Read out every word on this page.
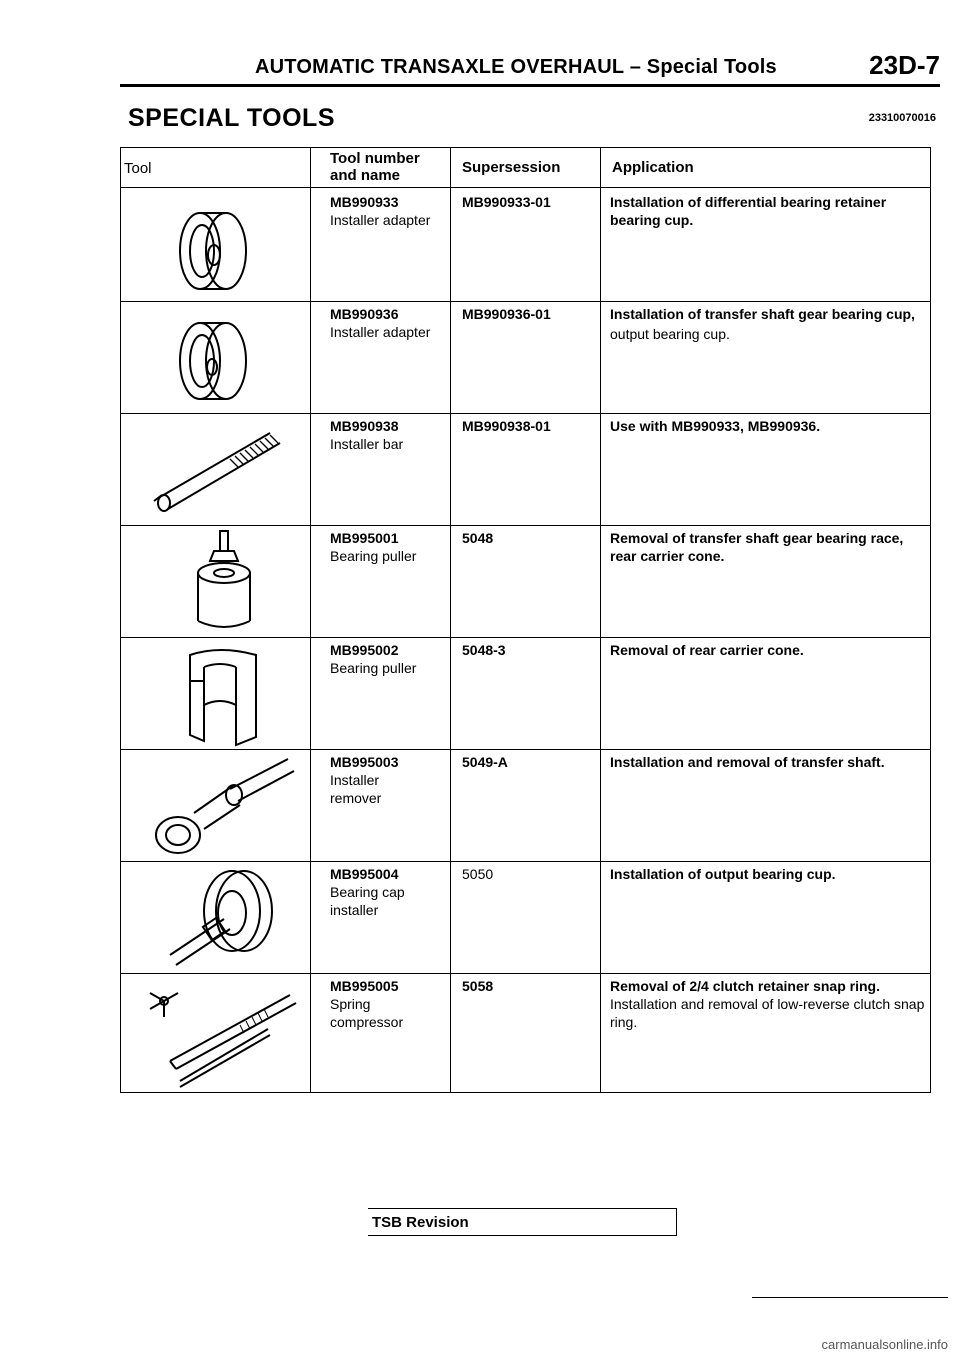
AUTOMATIC TRANSAXLE OVERHAUL – Special Tools	23D-7
SPECIAL TOOLS	23310070016
Tool
Tool number and name	Supersession	Application
MB990933
Installer adapter
MB990933-01	Installation of differential bearing retainer bearing cup.
MB990936
Installer adapter
MB990936-01	Installation of transfer shaft gear bearing cup,
output bearing cup.
MB990938
Installer bar
MB990938-01	Use with MB990933, MB990936.
MB995001
Bearing puller
5048	Removal of transfer shaft gear bearing race, rear carrier cone.
MB995002
Bearing puller
5048-3	Removal of rear carrier cone.
MB995003
Installer remover
5049-A	Installation and removal of transfer shaft.
MB995004
Bearing cap installer
5050	Installation of output bearing cup.
MB995005
Spring compressor
5058	Removal of 2/4 clutch retainer snap ring.
Installation and removal of low-reverse clutch snap ring.
TSB Revision
carmanualsonline.info
